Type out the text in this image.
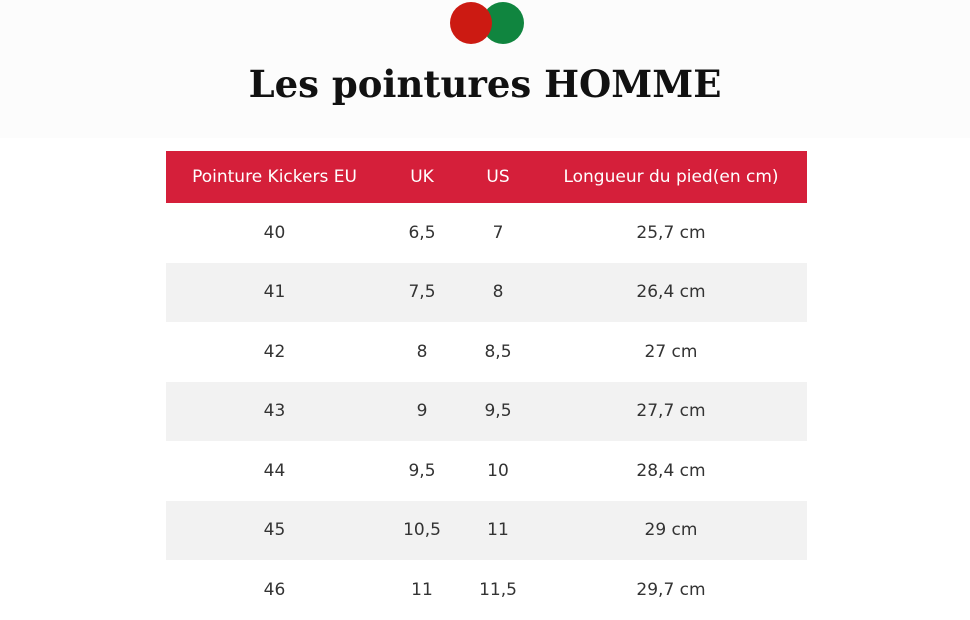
Les pointures HOMME
Pointure Kickers EU	UK	US	Longueur du pied(en cm)
40	6,5	7	25,7 cm
41	7,5	8	26,4 cm
42	8	8,5	27 cm
43	9	9,5	27,7 cm
44	9,5	10	28,4 cm
45	10,5	11	29 cm
46	11	11,5	29,7 cm
